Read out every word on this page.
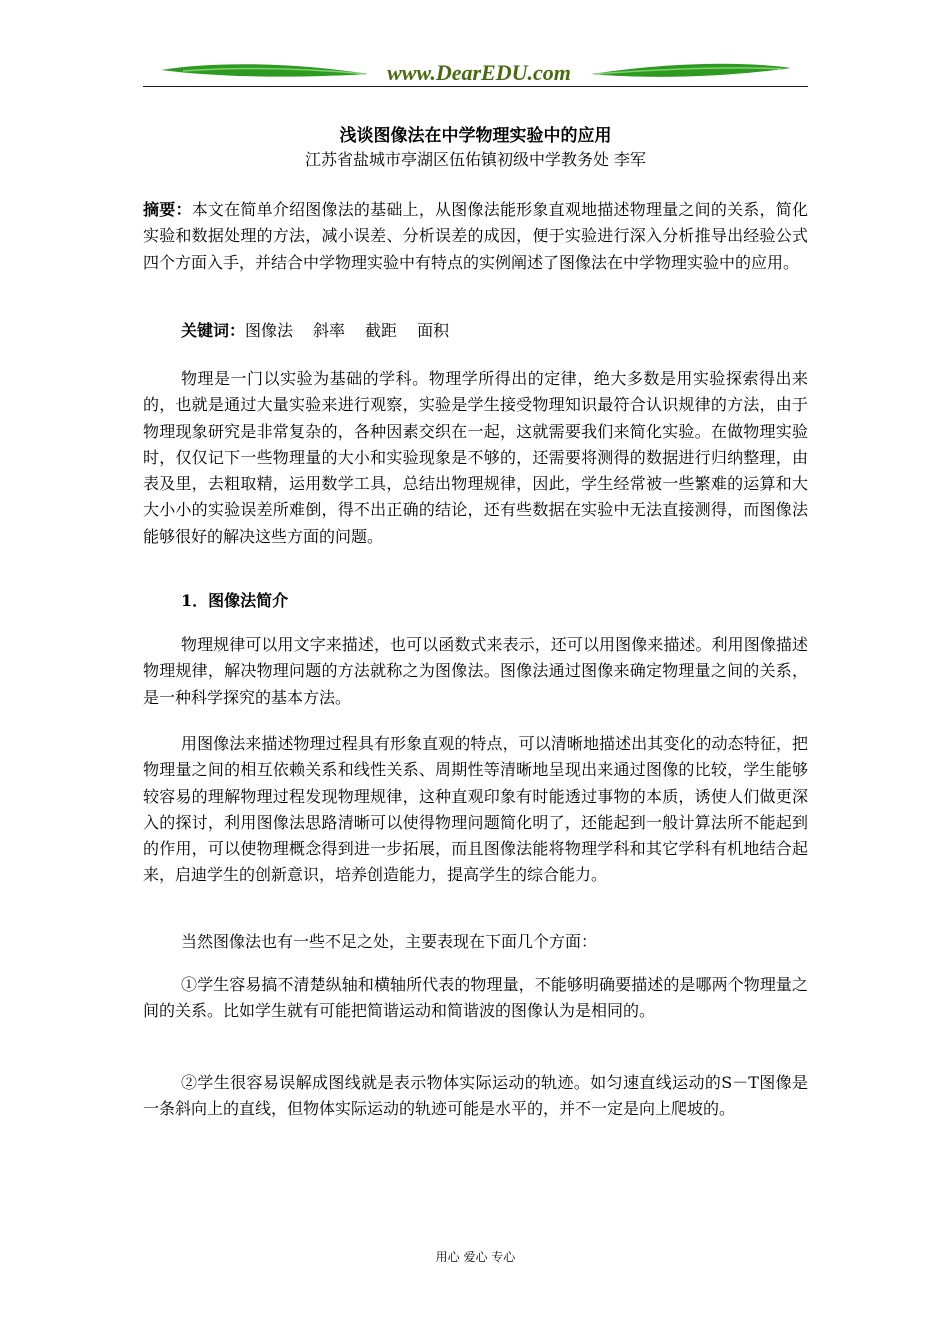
www.DearEDU.com
浅谈图像法在中学物理实验中的应用
江苏省盐城市亭湖区伍佑镇初级中学教务处 李军

摘要：本文在简单介绍图像法的基础上，从图像法能形象直观地描述物理量之间的关系，简化实验和数据处理的方法，减小误差、分析误差的成因，便于实验进行深入分析推导出经验公式四个方面入手，并结合中学物理实验中有特点的实例阐述了图像法在中学物理实验中的应用。

关键词：图像法 斜率 截距 面积

物理是一门以实验为基础的学科。物理学所得出的定律，绝大多数是用实验探索得出来的，也就是通过大量实验来进行观察，实验是学生接受物理知识最符合认识规律的方法，由于物理现象研究是非常复杂的，各种因素交织在一起，这就需要我们来简化实验。在做物理实验时，仅仅记下一些物理量的大小和实验现象是不够的，还需要将测得的数据进行归纳整理，由表及里，去粗取精，运用数学工具，总结出物理规律，因此，学生经常被一些繁难的运算和大大小小的实验误差所难倒，得不出正确的结论，还有些数据在实验中无法直接测得，而图像法能够很好的解决这些方面的问题。

1．图像法简介

物理规律可以用文字来描述，也可以函数式来表示，还可以用图像来描述。利用图像描述物理规律，解决物理问题的方法就称之为图像法。图像法通过图像来确定物理量之间的关系，是一种科学探究的基本方法。

用图像法来描述物理过程具有形象直观的特点，可以清晰地描述出其变化的动态特征，把物理量之间的相互依赖关系和线性关系、周期性等清晰地呈现出来通过图像的比较，学生能够较容易的理解物理过程发现物理规律，这种直观印象有时能透过事物的本质，诱使人们做更深入的探讨，利用图像法思路清晰可以使得物理问题简化明了，还能起到一般计算法所不能起到的作用，可以使物理概念得到进一步拓展，而且图像法能将物理学科和其它学科有机地结合起来，启迪学生的创新意识，培养创造能力，提高学生的综合能力。

当然图像法也有一些不足之处，主要表现在下面几个方面：

①学生容易搞不清楚纵轴和横轴所代表的物理量，不能够明确要描述的是哪两个物理量之间的关系。比如学生就有可能把简谐运动和简谐波的图像认为是相同的。

②学生很容易误解成图线就是表示物体实际运动的轨迹。如匀速直线运动的S－T图像是一条斜向上的直线，但物体实际运动的轨迹可能是水平的，并不一定是向上爬坡的。

用心 爱心 专心
